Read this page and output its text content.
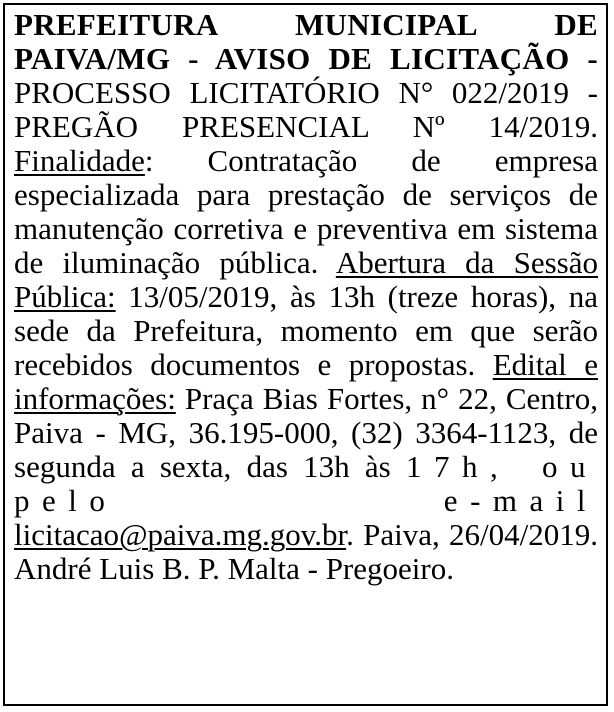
PREFEITURA MUNICIPAL DE PAIVA/MG - AVISO DE LICITAÇÃO - PROCESSO LICITATÓRIO N° 022/2019 - PREGÃO PRESENCIAL Nº 14/2019. Finalidade: Contratação de empresa especializada para prestação de serviços de manutenção corretiva e preventiva em sistema de iluminação pública. Abertura da Sessão Pública: 13/05/2019, às 13h (treze horas), na sede da Prefeitura, momento em que serão recebidos documentos e propostas. Edital e informações: Praça Bias Fortes, n° 22, Centro, Paiva - MG, 36.195-000, (32) 3364-1123, de segunda a sexta, das 13h às 17h, ou pelo e-mail licitacao@paiva.mg.gov.br. Paiva, 26/04/2019. André Luis B. P. Malta - Pregoeiro.
